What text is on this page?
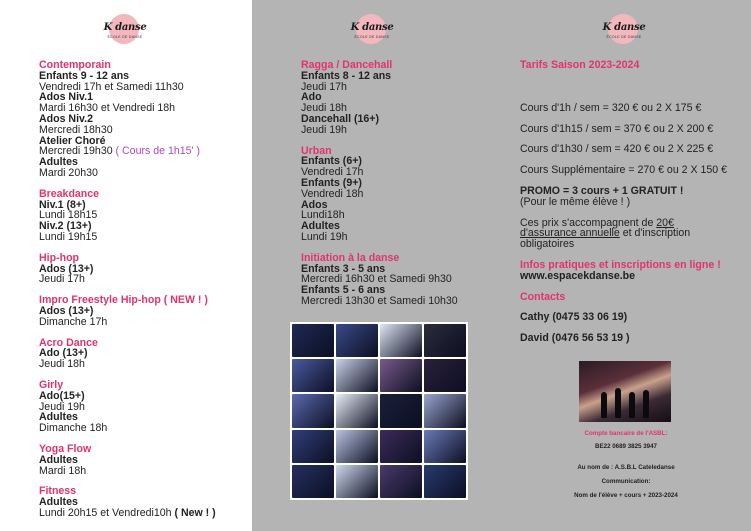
K danse
ÉCOLE DE DANSE
Contemporain
Enfants 9 - 12 ans
Vendredi 17h et Samedi 11h30
Ados Niv.1
Mardi 16h30 et Vendredi 18h
Ados Niv.2
Mercredi 18h30
Atelier Choré
Mercredi 19h30 ( Cours de 1h15' )
Adultes
Mardi 20h30
Breakdance
Niv.1 (8+)
Lundi 18h15
Niv.2 (13+)
Lundi 19h15
Hip-hop
Ados (13+)
Jeudi 17h
Impro Freestyle Hip-hop ( NEW ! )
Ados (13+)
Dimanche 17h
Acro Dance
Ado (13+)
Jeudi 18h
Girly
Ado(15+)
Jeudi 19h
Adultes
Dimanche 18h
Yoga Flow
Adultes
Mardi 18h
Fitness
Adultes
Lundi 20h15 et Vendredi10h ( New ! )
K danse
ÉCOLE DE DANSE
Ragga / Dancehall
Enfants 8 - 12 ans
Jeudi 17h
Ado
Jeudi 18h
Dancehall (16+)
Jeudi 19h
Urban
Enfants (6+)
Vendredi 17h
Enfants (9+)
Vendredi 18h
Ados
Lundi18h
Adultes
Lundi 19h
Initiation à la danse
Enfants 3 - 5 ans
Mercredi 16h30 et Samedi 9h30
Enfants 5 - 6 ans
Mercredi 13h30 et Samedi 10h30
K danse
ÉCOLE DE DANSE
Tarifs Saison 2023-2024
Cours d'1h / sem = 320 € ou 2 X 175 €
Cours d'1h15 / sem = 370 € ou 2 X 200 €
Cours d'1h30 / sem = 420 € ou 2 X 225 €
Cours Supplémentaire = 270 € ou 2 X 150 €
PROMO = 3 cours + 1 GRATUIT !
(Pour le même élève ! )
Ces prix s'accompagnent de 20€
d'assurance annuelle et d'inscription
obligatoires
Infos pratiques et inscriptions en ligne !
www.espacekdanse.be
Contacts
Cathy (0475 33 06 19)
David (0476 56 53 19 )
Compte bancaire de l'ASBL:
BE22 0689 3825 3947
Au nom de : A.S.B.L Cateledanse
Communication:
Nom de l'élève + cours + 2023-2024
